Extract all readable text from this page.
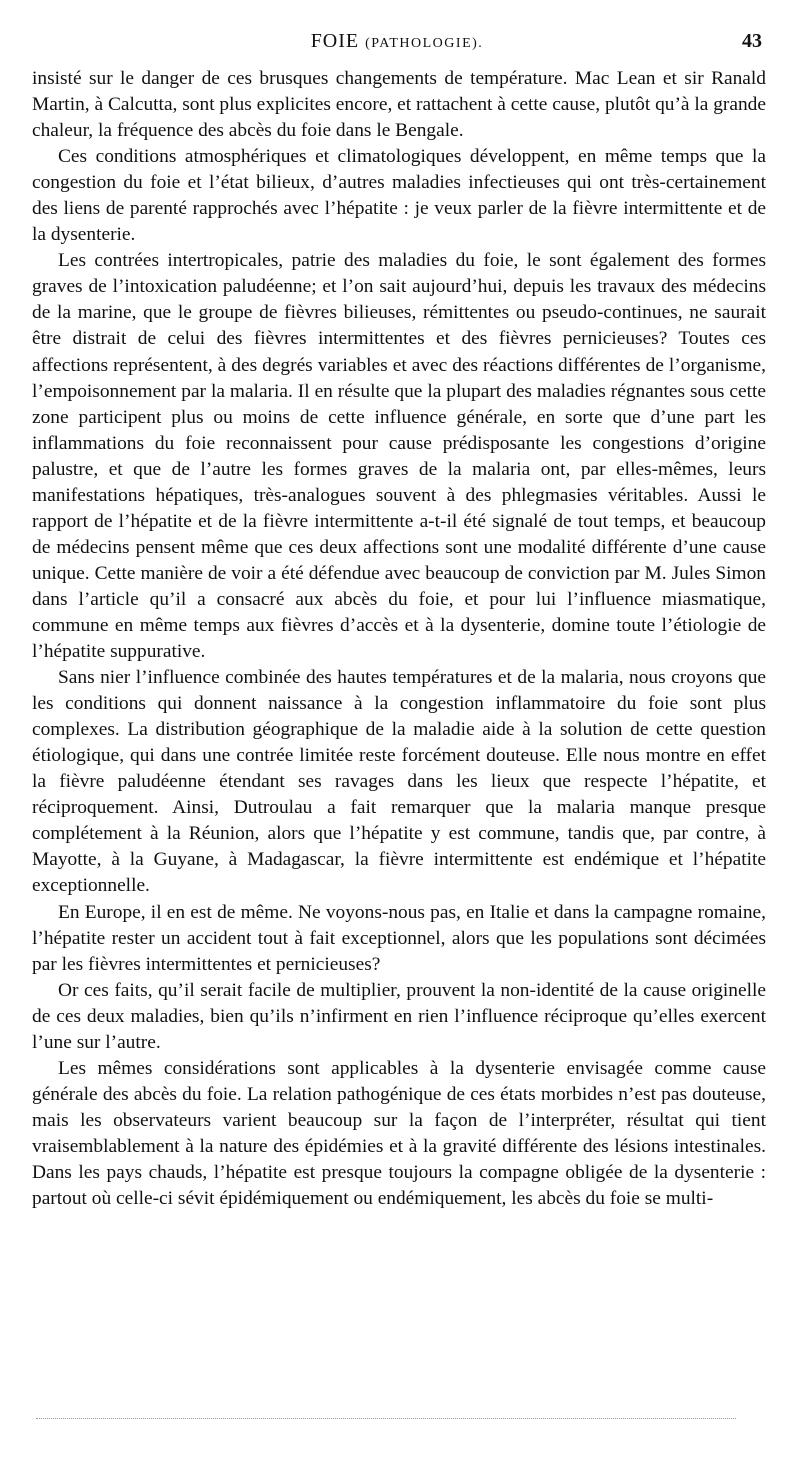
FOIE (PATHOLOGIE).	43

insisté sur le danger de ces brusques changements de température. Mac Lean et sir Ranald Martin, à Calcutta, sont plus explicites encore, et rattachent à cette cause, plutôt qu’à la grande chaleur, la fréquence des abcès du foie dans le Bengale.

Ces conditions atmosphériques et climatologiques développent, en même temps que la congestion du foie et l’état bilieux, d’autres maladies infectieuses qui ont très-certainement des liens de parenté rapprochés avec l’hépatite : je veux parler de la fièvre intermittente et de la dysenterie.

Les contrées intertropicales, patrie des maladies du foie, le sont également des formes graves de l’intoxication paludéenne; et l’on sait aujourd’hui, depuis les travaux des médecins de la marine, que le groupe de fièvres bilieuses, rémittentes ou pseudo-continues, ne saurait être distrait de celui des fièvres intermittentes et des fièvres pernicieuses? Toutes ces affections représentent, à des degrés variables et avec des réactions différentes de l’organisme, l’empoisonnement par la malaria. Il en résulte que la plupart des maladies régnantes sous cette zone participent plus ou moins de cette influence générale, en sorte que d’une part les inflammations du foie reconnaissent pour cause prédisposante les congestions d’origine palustre, et que de l’autre les formes graves de la malaria ont, par elles-mêmes, leurs manifestations hépatiques, très-analogues souvent à des phlegmasies véritables. Aussi le rapport de l’hépatite et de la fièvre intermittente a-t-il été signalé de tout temps, et beaucoup de médecins pensent même que ces deux affections sont une modalité différente d’une cause unique. Cette manière de voir a été défendue avec beaucoup de conviction par M. Jules Simon dans l’article qu’il a consacré aux abcès du foie, et pour lui l’influence miasmatique, commune en même temps aux fièvres d’accès et à la dysenterie, domine toute l’étiologie de l’hépatite suppurative.

Sans nier l’influence combinée des hautes températures et de la malaria, nous croyons que les conditions qui donnent naissance à la congestion inflammatoire du foie sont plus complexes. La distribution géographique de la maladie aide à la solution de cette question étiologique, qui dans une contrée limitée reste forcément douteuse. Elle nous montre en effet la fièvre paludéenne étendant ses ravages dans les lieux que respecte l’hépatite, et réciproquement. Ainsi, Dutroulau a fait remarquer que la malaria manque presque complétement à la Réunion, alors que l’hépatite y est commune, tandis que, par contre, à Mayotte, à la Guyane, à Madagascar, la fièvre intermittente est endémique et l’hépatite exceptionnelle.

En Europe, il en est de même. Ne voyons-nous pas, en Italie et dans la campagne romaine, l’hépatite rester un accident tout à fait exceptionnel, alors que les populations sont décimées par les fièvres intermittentes et pernicieuses?

Or ces faits, qu’il serait facile de multiplier, prouvent la non-identité de la cause originelle de ces deux maladies, bien qu’ils n’infirment en rien l’influence réciproque qu’elles exercent l’une sur l’autre.

Les mêmes considérations sont applicables à la dysenterie envisagée comme cause générale des abcès du foie. La relation pathogénique de ces états morbides n’est pas douteuse, mais les observateurs varient beaucoup sur la façon de l’interpréter, résultat qui tient vraisemblablement à la nature des épidémies et à la gravité différente des lésions intestinales. Dans les pays chauds, l’hépatite est presque toujours la compagne obligée de la dysenterie : partout où celle-ci sévit épidémiquement ou endémiquement, les abcès du foie se multi-
